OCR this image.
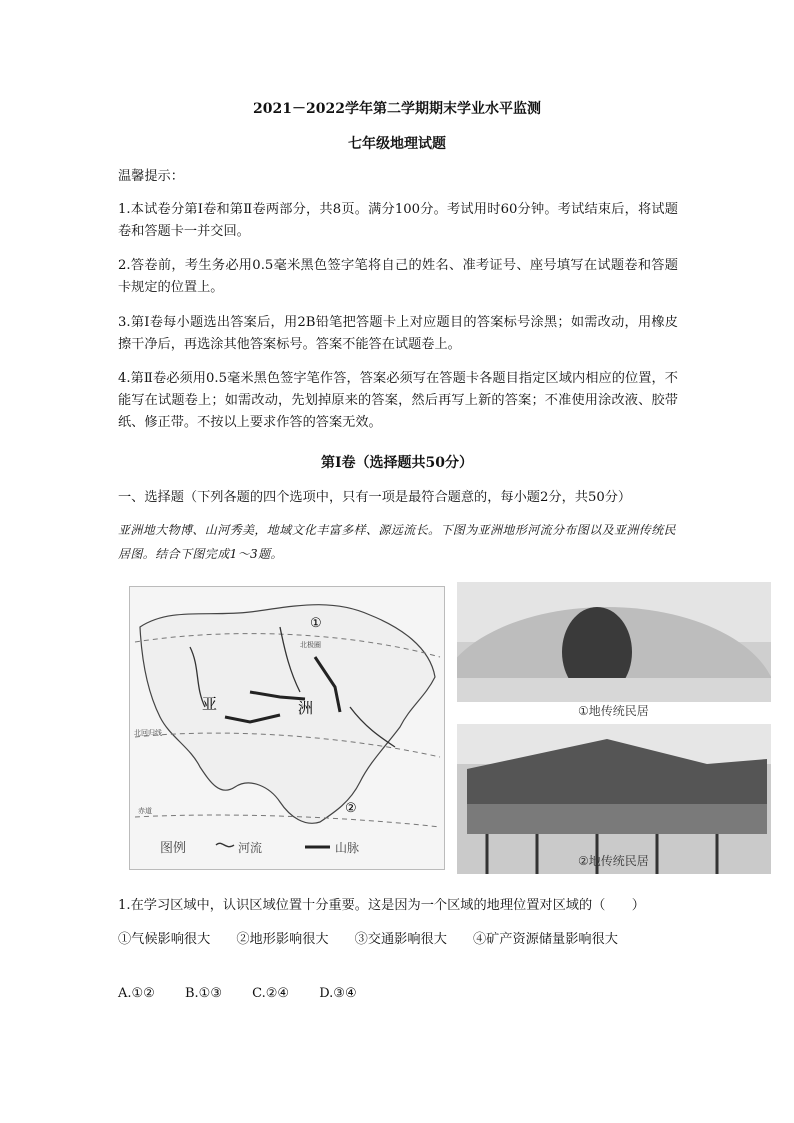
2021－2022学年第二学期期末学业水平监测
七年级地理试题
温馨提示：
1.本试卷分第Ⅰ卷和第Ⅱ卷两部分，共8页。满分100分。考试用时60分钟。考试结束后，将试题卷和答题卡一并交回。
2.答卷前，考生务必用0.5毫米黑色签字笔将自己的姓名、准考证号、座号填写在试题卷和答题卡规定的位置上。
3.第Ⅰ卷每小题选出答案后，用2B铅笔把答题卡上对应题目的答案标号涂黑；如需改动，用橡皮擦干净后，再选涂其他答案标号。答案不能答在试题卷上。
4.第Ⅱ卷必须用0.5毫米黑色签字笔作答，答案必须写在答题卡各题目指定区域内相应的位置，不能写在试题卷上；如需改动，先划掉原来的答案，然后再写上新的答案；不准使用涂改液、胶带纸、修正带。不按以上要求作答的答案无效。
第Ⅰ卷（选择题共50分）
一、选择题（下列各题的四个选项中，只有一项是最符合题意的，每小题2分，共50分）
亚洲地大物博、山河秀美，地域文化丰富多样、源远流长。下图为亚洲地形河流分布图以及亚洲传统民居图。结合下图完成1～3题。
亚	洲
①
②
北极圈
北回归线
赤道
图例	河流	山脉
①地传统民居
②地传统民居
1.在学习区域中，认识区域位置十分重要。这是因为一个区域的地理位置对区域的（　　）
①气候影响很大 ②地形影响很大 ③交通影响很大 ④矿产资源储量影响很大
A.①② B.①③ C.②④ D.③④
